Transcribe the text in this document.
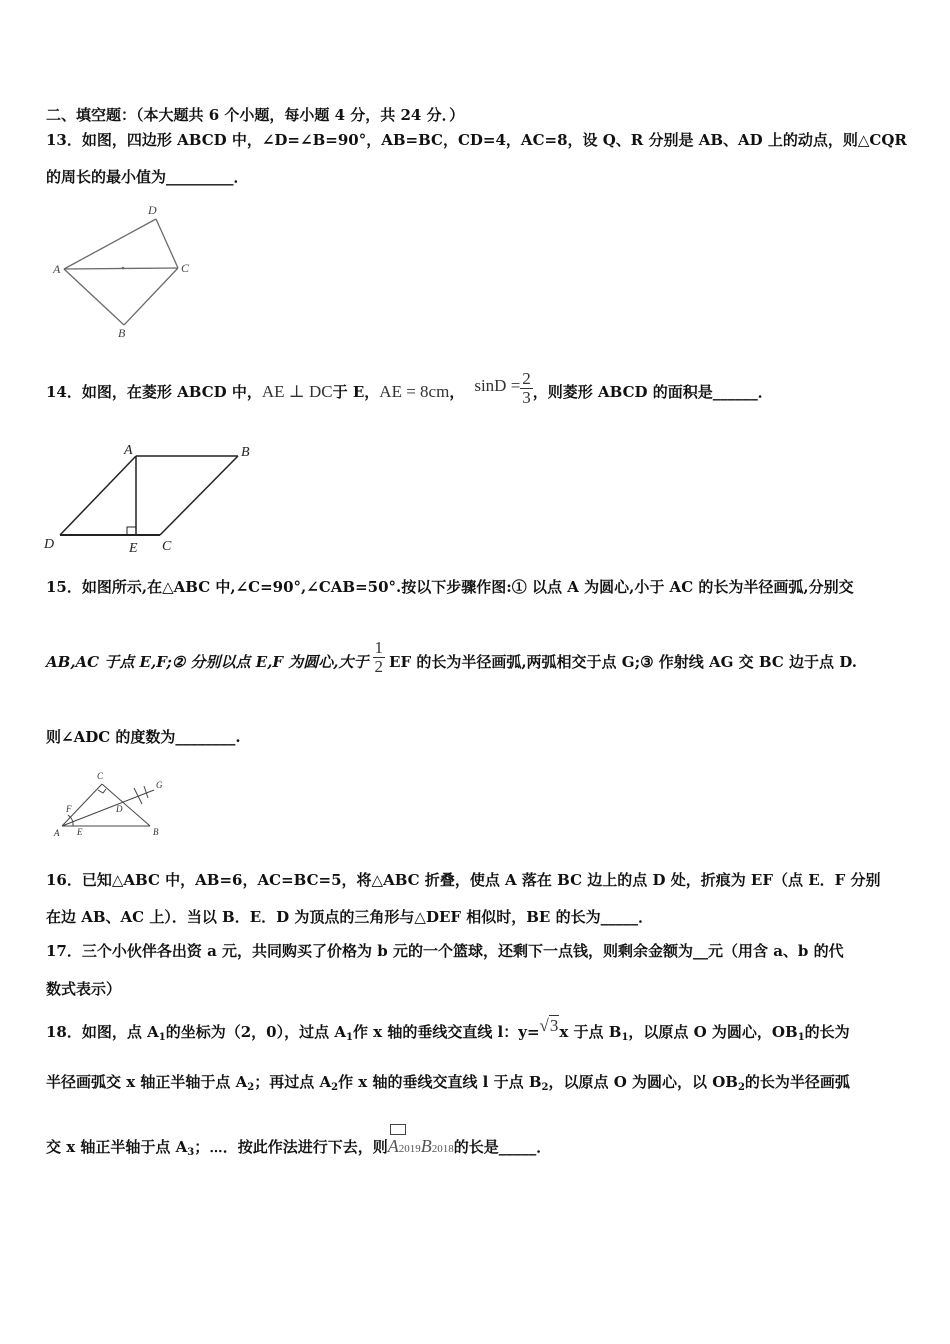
二、填空题：（本大题共 6 个小题，每小题 4 分，共 24 分．）
13．如图，四边形 ABCD 中，∠D=∠B=90°，AB=BC，CD=4，AC=8，设 Q、R 分别是 AB、AD 上的动点，则△CQR
的周长的最小值为_________．
D
A	C
B
14．如图，在菱形 ABCD 中，AE ⊥ DC于 E，AE = 8cm， $\sin D = \frac{2}{3}$ ，则菱形 ABCD 的面积是______．
A	B
D	E C
15．如图所示,在△ABC 中,∠C=90°,∠CAB=50°.按以下步骤作图:① 以点 A 为圆心,小于 AC 的长为半径画弧,分别交
AB,AC 于点 E,F;② 分别以点 E,F 为圆心,大于 $\frac{1}{2}$ EF 的长为半径画弧,两弧相交于点 G;③ 作射线 AG 交 BC 边于点 D.
则∠ADC 的度数为________.
C
G
F	D
A E	B
16．已知△ABC 中，AB=6，AC=BC=5，将△ABC 折叠，使点 A 落在 BC 边上的点 D 处，折痕为 EF（点 E．F 分别
在边 AB、AC 上）．当以 B．E．D 为顶点的三角形与△DEF 相似时，BE 的长为_____．
17．三个小伙伴各出资 a 元，共同购买了价格为 b 元的一个篮球，还剩下一点钱，则剩余金额为__元（用含 a、b 的代
数式表示）
18．如图，点 $A_1$的坐标为（2，0），过点 $A_1$作 x 轴的垂线交直线 l：y=√3x 于点 $B_1$，以原点 O 为圆心，$OB_1$的长为
半径画弧交 x 轴正半轴于点 $A_2$；再过点 $A_2$作 x 轴的垂线交直线 l 于点 $B_2$，以原点 O 为圆心，以 $OB_2$的长为半径画弧
交 x 轴正半轴于点 $A_3$；⋯．按此作法进行下去，则
A2019B2018的长是_____．
